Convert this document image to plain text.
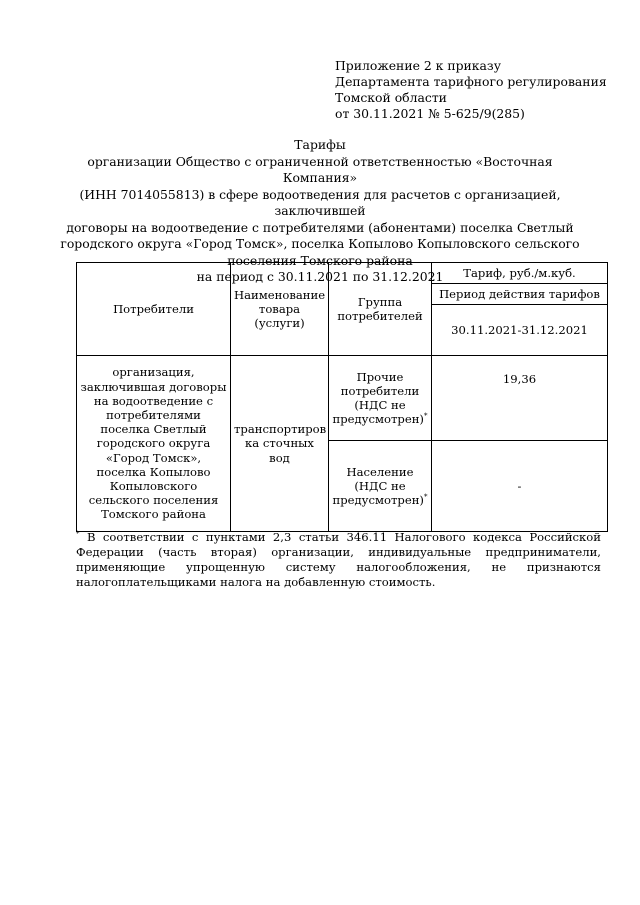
Приложение 2 к приказу
Департамента тарифного регулирования
Томской области
от 30.11.2021 № 5-625/9(285)
Тарифы
организации Общество с ограниченной ответственностью «Восточная Компания»
(ИНН 7014055813) в сфере водоотведения для расчетов с организацией, заключившей
договоры на водоотведение с потребителями (абонентами) поселка Светлый
городского округа «Город Томск», поселка Копылово Копыловского сельского
поселения Томского района
на период с 30.11.2021 по 31.12.2021
Потребители	Наименование товара (услуги)	Группа потребителей	Тариф, руб./м.куб.
			Период действия тарифов
			30.11.2021-31.12.2021
организация, заключившая договоры на водоотведение с потребителями поселка Светлый городского округа «Город Томск», поселка Копылово Копыловского сельского поселения Томского района	транспортиров ка сточных вод	Прочие потребители (НДС не предусмотрен)*	19,36
		Население (НДС не предусмотрен)*	-
* В соответствии с пунктами 2,3 статьи 346.11 Налогового кодекса Российской Федерации (часть вторая) организации, индивидуальные предприниматели, применяющие упрощенную систему налогообложения, не признаются налогоплательщиками налога на добавленную стоимость.
